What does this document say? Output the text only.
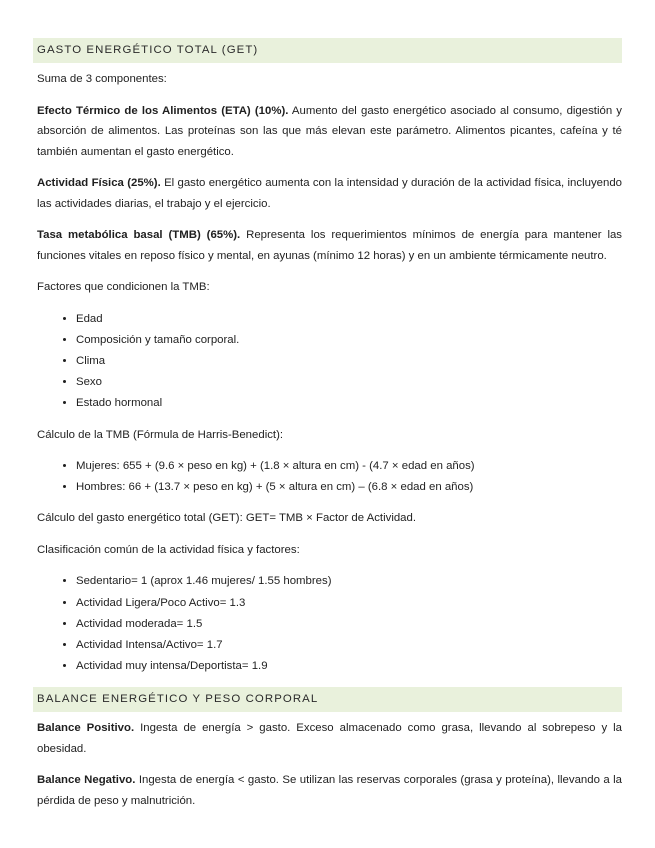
GASTO ENERGÉTICO TOTAL (GET)

Suma de 3 componentes:

Efecto Térmico de los Alimentos (ETA) (10%). Aumento del gasto energético asociado al consumo, digestión y absorción de alimentos. Las proteínas son las que más elevan este parámetro. Alimentos picantes, cafeína y té también aumentan el gasto energético.

Actividad Física (25%). El gasto energético aumenta con la intensidad y duración de la actividad física, incluyendo las actividades diarias, el trabajo y el ejercicio.

Tasa metabólica basal (TMB) (65%). Representa los requerimientos mínimos de energía para mantener las funciones vitales en reposo físico y mental, en ayunas (mínimo 12 horas) y en un ambiente térmicamente neutro.

Factores que condicionen la TMB:

• Edad
• Composición y tamaño corporal.
• Clima
• Sexo
• Estado hormonal

Cálculo de la TMB (Fórmula de Harris-Benedict):

• Mujeres: 655 + (9.6 × peso en kg) + (1.8 × altura en cm) - (4.7 × edad en años)
• Hombres: 66 + (13.7 × peso en kg) + (5 × altura en cm) – (6.8 × edad en años)

Cálculo del gasto energético total (GET): GET= TMB × Factor de Actividad.

Clasificación común de la actividad física y factores:

• Sedentario= 1 (aprox 1.46 mujeres/ 1.55 hombres)
• Actividad Ligera/Poco Activo= 1.3
• Actividad moderada= 1.5
• Actividad Intensa/Activo= 1.7
• Actividad muy intensa/Deportista= 1.9
BALANCE ENERGÉTICO Y PESO CORPORAL

Balance Positivo. Ingesta de energía > gasto. Exceso almacenado como grasa, llevando al sobrepeso y la obesidad.

Balance Negativo. Ingesta de energía < gasto. Se utilizan las reservas corporales (grasa y proteína), llevando a la pérdida de peso y malnutrición.
